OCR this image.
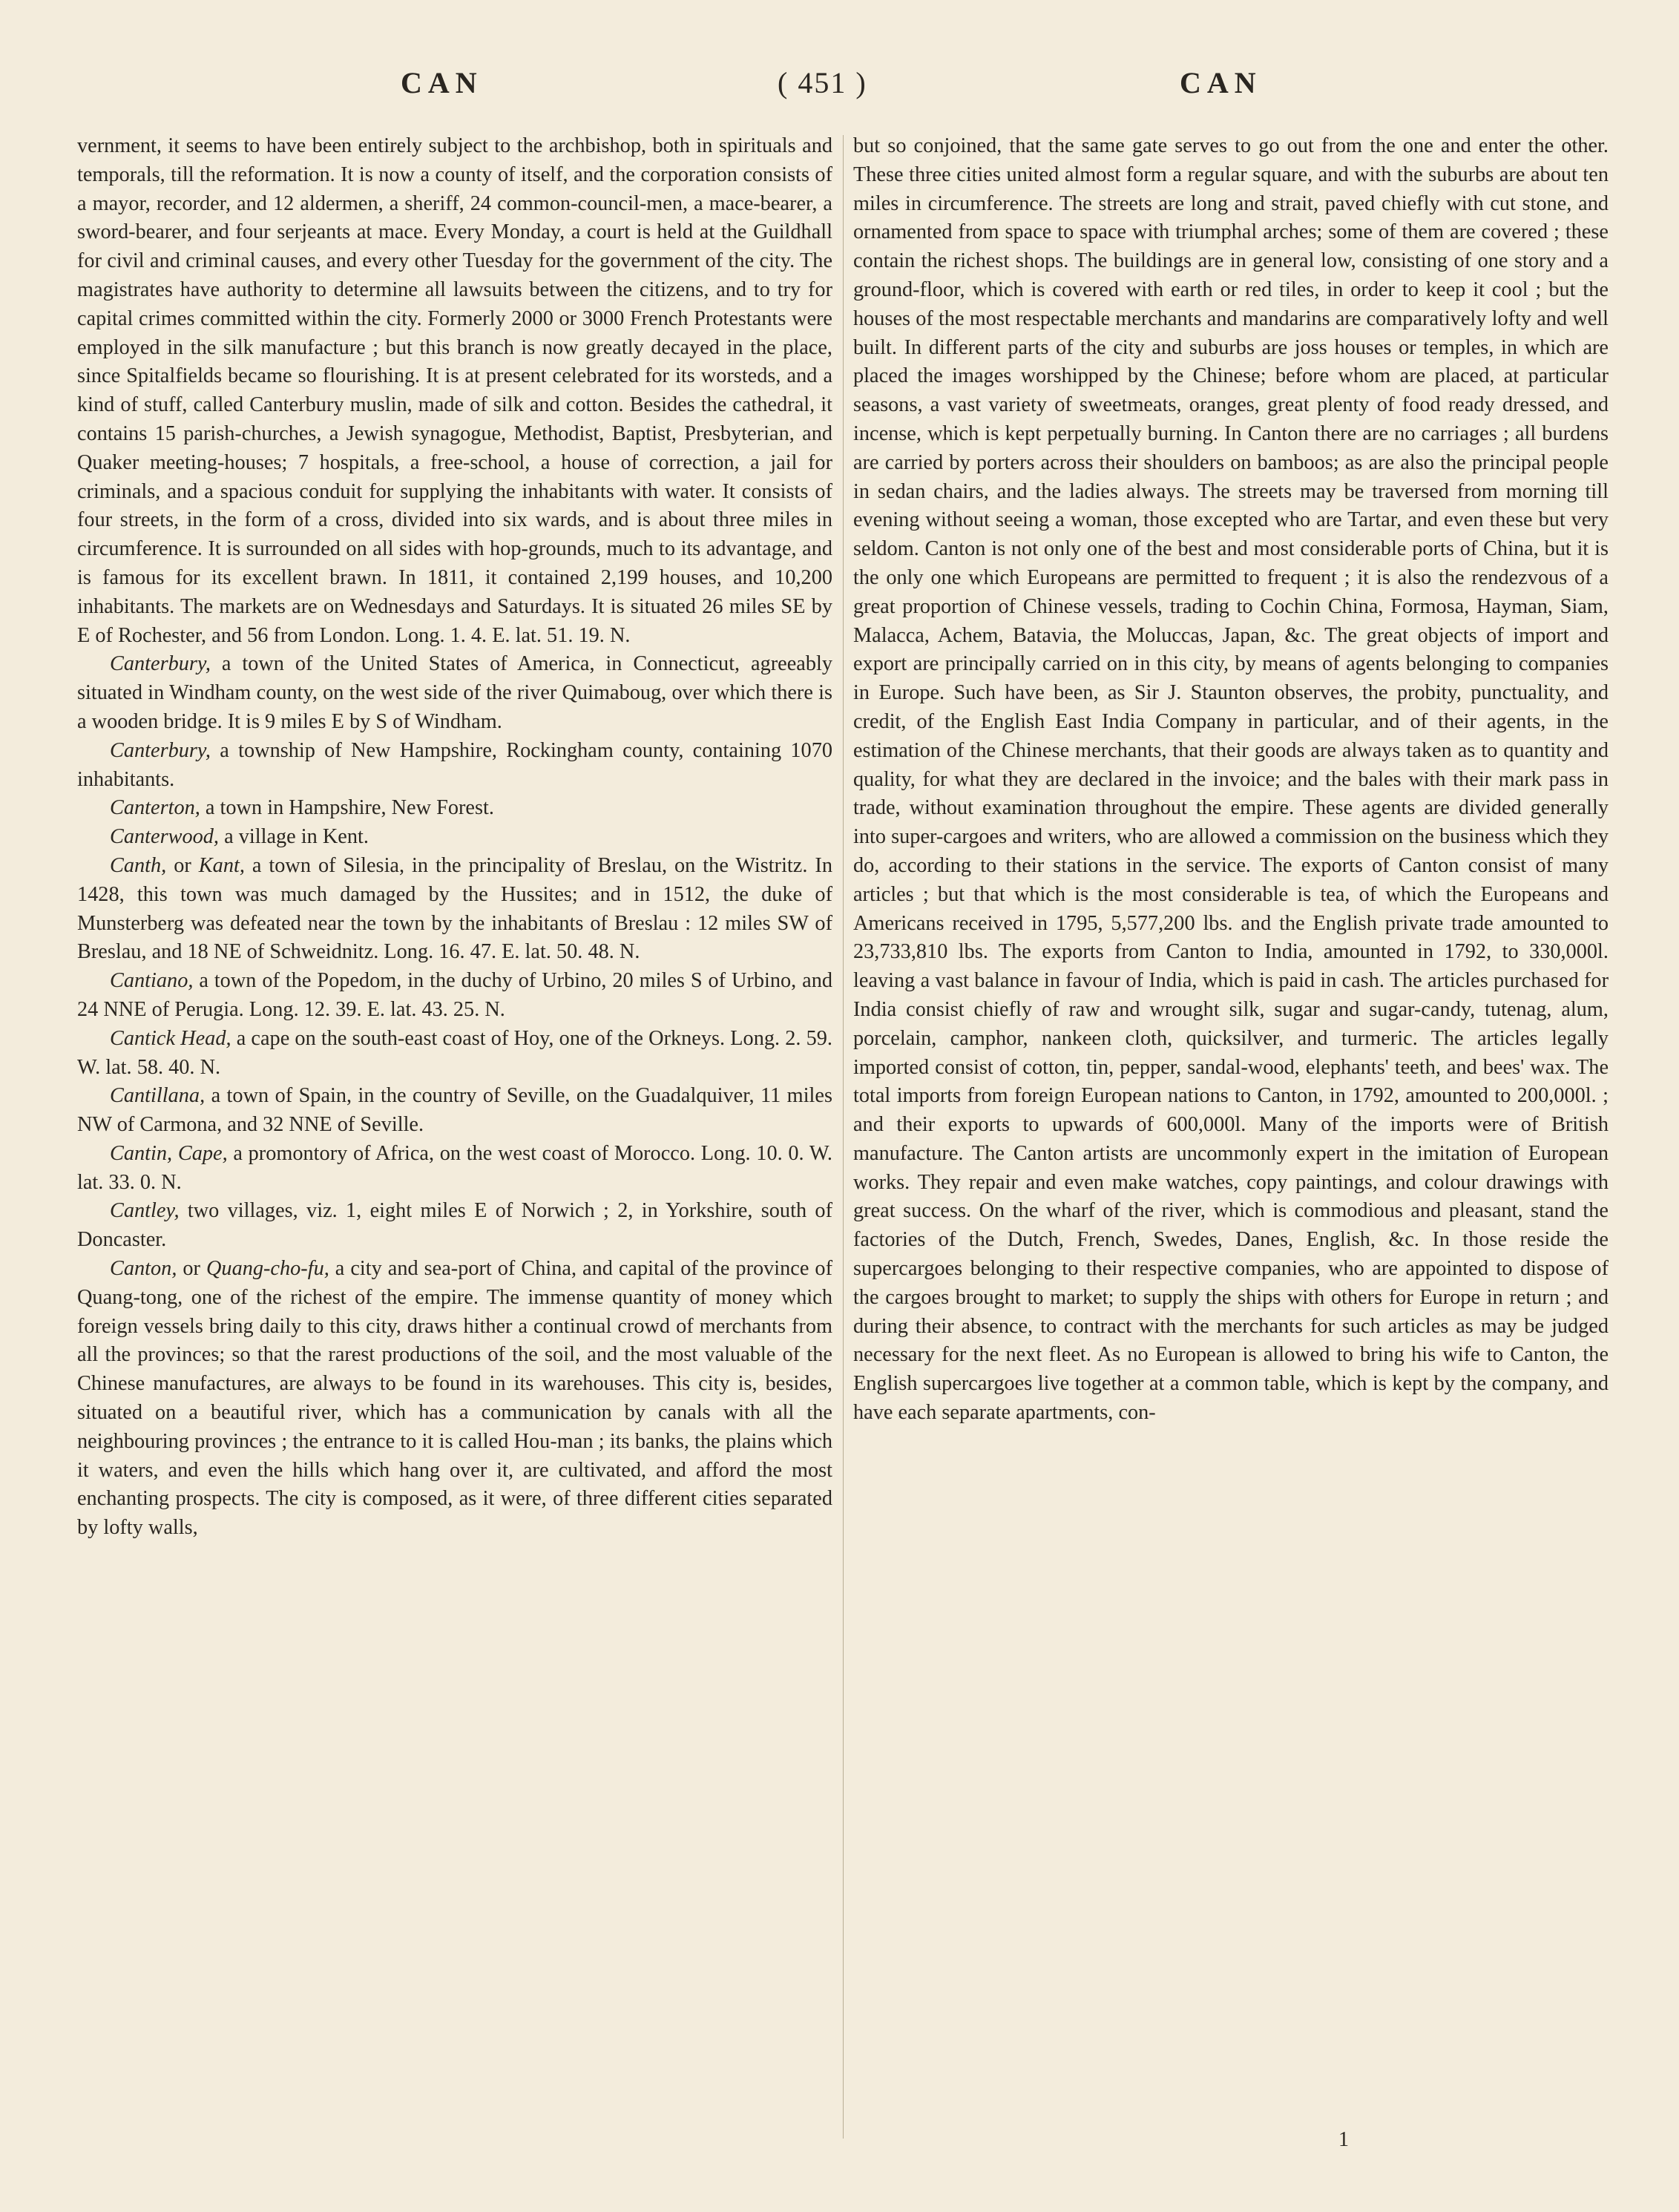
CAN	( 451 )	CAN

vernment, it seems to have been entirely subject to the archbishop, both in spirituals and temporals, till the reformation. It is now a county of itself, and the corporation consists of a mayor, recorder, and 12 aldermen, a sheriff, 24 common-council-men, a mace-bearer, a sword-bearer, and four serjeants at mace. Every Monday, a court is held at the Guildhall for civil and criminal causes, and every other Tuesday for the government of the city. The magistrates have authority to determine all lawsuits between the citizens, and to try for capital crimes committed within the city. Formerly 2000 or 3000 French Protestants were employed in the silk manufacture ; but this branch is now greatly decayed in the place, since Spitalfields became so flourishing. It is at present celebrated for its worsteds, and a kind of stuff, called Canterbury muslin, made of silk and cotton. Besides the cathedral, it contains 15 parish-churches, a Jewish synagogue, Methodist, Baptist, Presbyterian, and Quaker meeting-houses; 7 hospitals, a free-school, a house of correction, a jail for criminals, and a spacious conduit for supplying the inhabitants with water. It consists of four streets, in the form of a cross, divided into six wards, and is about three miles in circumference. It is surrounded on all sides with hop-grounds, much to its advantage, and is famous for its excellent brawn. In 1811, it contained 2,199 houses, and 10,200 inhabitants. The markets are on Wednesdays and Saturdays. It is situated 26 miles SE by E of Rochester, and 56 from London. Long. 1. 4. E. lat. 51. 19. N.

Canterbury, a town of the United States of America, in Connecticut, agreeably situated in Windham county, on the west side of the river Quimaboug, over which there is a wooden bridge. It is 9 miles E by S of Windham.

Canterbury, a township of New Hampshire, Rockingham county, containing 1070 inhabitants.

Canterton, a town in Hampshire, New Forest.

Canterwood, a village in Kent.

Canth, or Kant, a town of Silesia, in the principality of Breslau, on the Wistritz. In 1428, this town was much damaged by the Hussites; and in 1512, the duke of Munsterberg was defeated near the town by the inhabitants of Breslau : 12 miles SW of Breslau, and 18 NE of Schweidnitz. Long. 16. 47. E. lat. 50. 48. N.

Cantiano, a town of the Popedom, in the duchy of Urbino, 20 miles S of Urbino, and 24 NNE of Perugia. Long. 12. 39. E. lat. 43. 25. N.

Cantick Head, a cape on the south-east coast of Hoy, one of the Orkneys. Long. 2. 59. W. lat. 58. 40. N.

Cantillana, a town of Spain, in the country of Seville, on the Guadalquiver, 11 miles NW of Carmona, and 32 NNE of Seville.

Cantin, Cape, a promontory of Africa, on the west coast of Morocco. Long. 10. 0. W. lat. 33. 0. N.

Cantley, two villages, viz. 1, eight miles E of Norwich ; 2, in Yorkshire, south of Doncaster.

Canton, or Quang-cho-fu, a city and sea-port of China, and capital of the province of Quang-tong, one of the richest of the empire. The immense quantity of money which foreign vessels bring daily to this city, draws hither a continual crowd of merchants from all the provinces; so that the rarest productions of the soil, and the most valuable of the Chinese manufactures, are always to be found in its warehouses. This city is, besides, situated on a beautiful river, which has a communication by canals with all the neighbouring provinces ; the entrance to it is called Hou-man ; its banks, the plains which it waters, and even the hills which hang over it, are cultivated, and afford the most enchanting prospects. The city is composed, as it were, of three different cities separated by lofty walls,

but so conjoined, that the same gate serves to go out from the one and enter the other. These three cities united almost form a regular square, and with the suburbs are about ten miles in circumference. The streets are long and strait, paved chiefly with cut stone, and ornamented from space to space with triumphal arches; some of them are covered ; these contain the richest shops. The buildings are in general low, consisting of one story and a ground-floor, which is covered with earth or red tiles, in order to keep it cool ; but the houses of the most respectable merchants and mandarins are comparatively lofty and well built. In different parts of the city and suburbs are joss houses or temples, in which are placed the images worshipped by the Chinese; before whom are placed, at particular seasons, a vast variety of sweetmeats, oranges, great plenty of food ready dressed, and incense, which is kept perpetually burning. In Canton there are no carriages ; all burdens are carried by porters across their shoulders on bamboos; as are also the principal people in sedan chairs, and the ladies always. The streets may be traversed from morning till evening without seeing a woman, those excepted who are Tartar, and even these but very seldom. Canton is not only one of the best and most considerable ports of China, but it is the only one which Europeans are permitted to frequent ; it is also the rendezvous of a great proportion of Chinese vessels, trading to Cochin China, Formosa, Hayman, Siam, Malacca, Achem, Batavia, the Moluccas, Japan, &c. The great objects of import and export are principally carried on in this city, by means of agents belonging to companies in Europe. Such have been, as Sir J. Staunton observes, the probity, punctuality, and credit, of the English East India Company in particular, and of their agents, in the estimation of the Chinese merchants, that their goods are always taken as to quantity and quality, for what they are declared in the invoice; and the bales with their mark pass in trade, without examination throughout the empire. These agents are divided generally into super-cargoes and writers, who are allowed a commission on the business which they do, according to their stations in the service. The exports of Canton consist of many articles ; but that which is the most considerable is tea, of which the Europeans and Americans received in 1795, 5,577,200 lbs. and the English private trade amounted to 23,733,810 lbs. The exports from Canton to India, amounted in 1792, to 330,000l. leaving a vast balance in favour of India, which is paid in cash. The articles purchased for India consist chiefly of raw and wrought silk, sugar and sugar-candy, tutenag, alum, porcelain, camphor, nankeen cloth, quicksilver, and turmeric. The articles legally imported consist of cotton, tin, pepper, sandal-wood, elephants' teeth, and bees' wax. The total imports from foreign European nations to Canton, in 1792, amounted to 200,000l. ; and their exports to upwards of 600,000l. Many of the imports were of British manufacture. The Canton artists are uncommonly expert in the imitation of European works. They repair and even make watches, copy paintings, and colour drawings with great success. On the wharf of the river, which is commodious and pleasant, stand the factories of the Dutch, French, Swedes, Danes, English, &c. In those reside the supercargoes belonging to their respective companies, who are appointed to dispose of the cargoes brought to market; to supply the ships with others for Europe in return ; and during their absence, to contract with the merchants for such articles as may be judged necessary for the next fleet. As no European is allowed to bring his wife to Canton, the English supercargoes live together at a common table, which is kept by the company, and have each separate apartments, con-

1
